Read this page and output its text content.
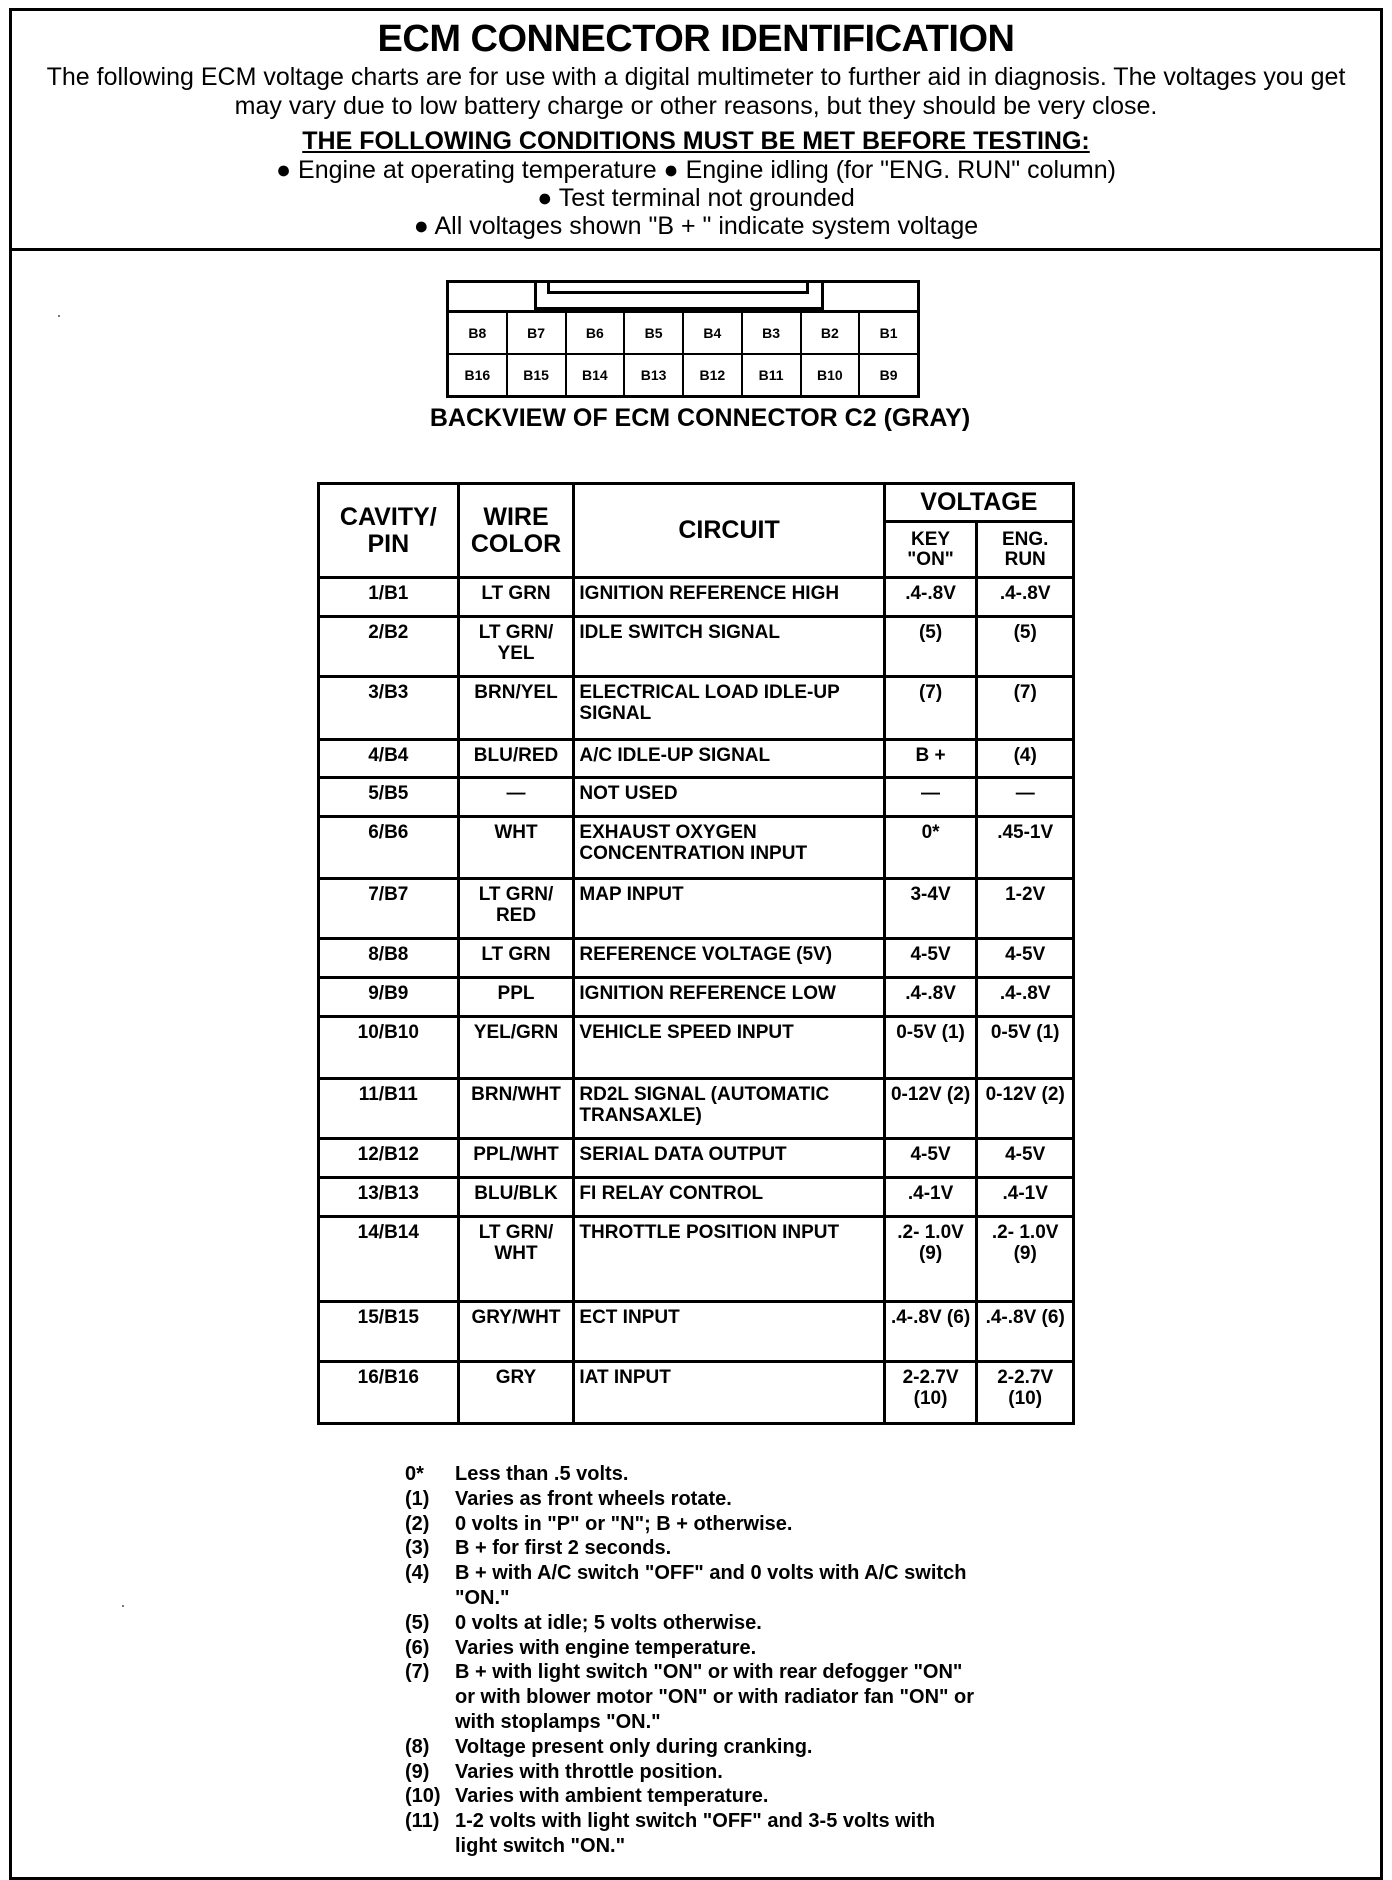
ECM CONNECTOR IDENTIFICATION
The following ECM voltage charts are for use with a digital multimeter to further aid in diagnosis. The voltages you get may vary due to low battery charge or other reasons, but they should be very close.
THE FOLLOWING CONDITIONS MUST BE MET BEFORE TESTING:
● Engine at operating temperature ● Engine idling (for "ENG. RUN" column)
● Test terminal not grounded
● All voltages shown "B + " indicate system voltage
B8	B7	B6	B5	B4	B3	B2	B1
B16	B15	B14	B13	B12	B11	B10	B9
BACKVIEW OF ECM CONNECTOR C2 (GRAY)
CAVITY/ PIN	WIRE COLOR	CIRCUIT	VOLTAGE	
			KEY "ON"	ENG. RUN
1/B1	LT GRN	IGNITION REFERENCE HIGH	.4-.8V	.4-.8V
2/B2	LT GRN/ YEL	IDLE SWITCH SIGNAL	(5)	(5)
3/B3	BRN/YEL	ELECTRICAL LOAD IDLE-UP SIGNAL	(7)	(7)
4/B4	BLU/RED	A/C IDLE-UP SIGNAL	B +	(4)
5/B5	—	NOT USED	—	—
6/B6	WHT	EXHAUST OXYGEN CONCENTRATION INPUT	0*	.45-1V
7/B7	LT GRN/ RED	MAP INPUT	3-4V	1-2V
8/B8	LT GRN	REFERENCE VOLTAGE (5V)	4-5V	4-5V
9/B9	PPL	IGNITION REFERENCE LOW	.4-.8V	.4-.8V
10/B10	YEL/GRN	VEHICLE SPEED INPUT	0-5V (1)	0-5V (1)
11/B11	BRN/WHT	RD2L SIGNAL (AUTOMATIC TRANSAXLE)	0-12V (2)	0-12V (2)
12/B12	PPL/WHT	SERIAL DATA OUTPUT	4-5V	4-5V
13/B13	BLU/BLK	FI RELAY CONTROL	.4-1V	.4-1V
14/B14	LT GRN/ WHT	THROTTLE POSITION INPUT	.2- 1.0V (9)	.2- 1.0V (9)
15/B15	GRY/WHT	ECT INPUT	.4-.8V (6)	.4-.8V (6)
16/B16	GRY	IAT INPUT	2-2.7V (10)	2-2.7V (10)
0*	Less than .5 volts.
(1)	Varies as front wheels rotate.
(2)	0 volts in "P" or "N"; B + otherwise.
(3)	B + for first 2 seconds.
(4)	B + with A/C switch "OFF" and 0 volts with A/C switch "ON."
(5)	0 volts at idle; 5 volts otherwise.
(6)	Varies with engine temperature.
(7)	B + with light switch "ON" or with rear defogger "ON" or with blower motor "ON" or with radiator fan "ON" or with stoplamps "ON."
(8)	Voltage present only during cranking.
(9)	Varies with throttle position.
(10) Varies with ambient temperature.
(11) 1-2 volts with light switch "OFF" and 3-5 volts with light switch "ON."
